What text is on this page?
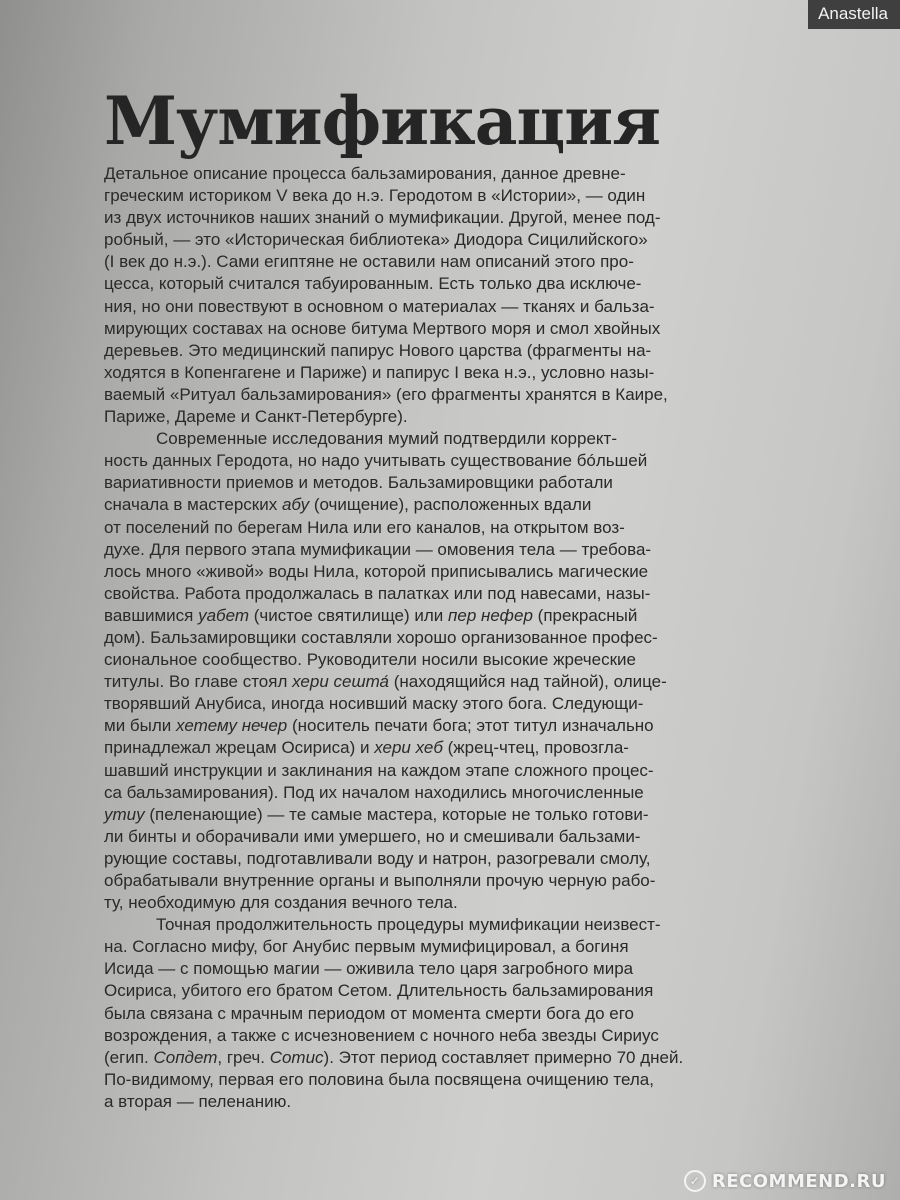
Anastella
Мумификация
Детальное описание процесса бальзамирования, данное древне-
греческим историком V века до н.э. Геродотом в «Истории», — один
из двух источников наших знаний о мумификации. Другой, менее под-
робный, — это «Историческая библиотека» Диодора Сицилийского»
(I век до н.э.). Сами египтяне не оставили нам описаний этого про-
цесса, который считался табуированным. Есть только два исключе-
ния, но они повествуют в основном о материалах — тканях и бальза-
мирующих составах на основе битума Мертвого моря и смол хвойных
деревьев. Это медицинский папирус Нового царства (фрагменты на-
ходятся в Копенгагене и Париже) и папирус I века н.э., условно назы-
ваемый «Ритуал бальзамирования» (его фрагменты хранятся в Каире,
Париже, Дареме и Санкт-Петербурге).
Современные исследования мумий подтвердили коррект-
ность данных Геродота, но надо учитывать существование бóльшей
вариативности приемов и методов. Бальзамировщики работали
сначала в мастерских абу (очищение), расположенных вдали
от поселений по берегам Нила или его каналов, на открытом воз-
духе. Для первого этапа мумификации — омовения тела — требова-
лось много «живой» воды Нила, которой приписывались магические
свойства. Работа продолжалась в палатках или под навесами, назы-
вавшимися уабет (чистое святилище) или пер нефер (прекрасный
дом). Бальзамировщики составляли хорошо организованное профес-
сиональное сообщество. Руководители носили высокие жреческие
титулы. Во главе стоял хери сешта́ (находящийся над тайной), олице-
творявший Анубиса, иногда носивший маску этого бога. Следующи-
ми были хетему нечер (носитель печати бога; этот титул изначально
принадлежал жрецам Осириса) и хери хеб (жрец-чтец, провозгла-
шавший инструкции и заклинания на каждом этапе сложного процес-
са бальзамирования). Под их началом находились многочисленные
утиу (пеленающие) — те самые мастера, которые не только готови-
ли бинты и оборачивали ими умершего, но и смешивали бальзами-
рующие составы, подготавливали воду и натрон, разогревали смолу,
обрабатывали внутренние органы и выполняли прочую черную рабо-
ту, необходимую для создания вечного тела.
Точная продолжительность процедуры мумификации неизвест-
на. Согласно мифу, бог Анубис первым мумифицировал, а богиня
Исида — с помощью магии — оживила тело царя загробного мира
Осириса, убитого его братом Сетом. Длительность бальзамирования
была связана с мрачным периодом от момента смерти бога до его
возрождения, а также с исчезновением с ночного неба звезды Сириус
(егип. Сопдет, греч. Сотис). Этот период составляет примерно 70 дней.
По-видимому, первая его половина была посвящена очищению тела,
а вторая — пеленанию.
✓ RECOMMEND.RU
